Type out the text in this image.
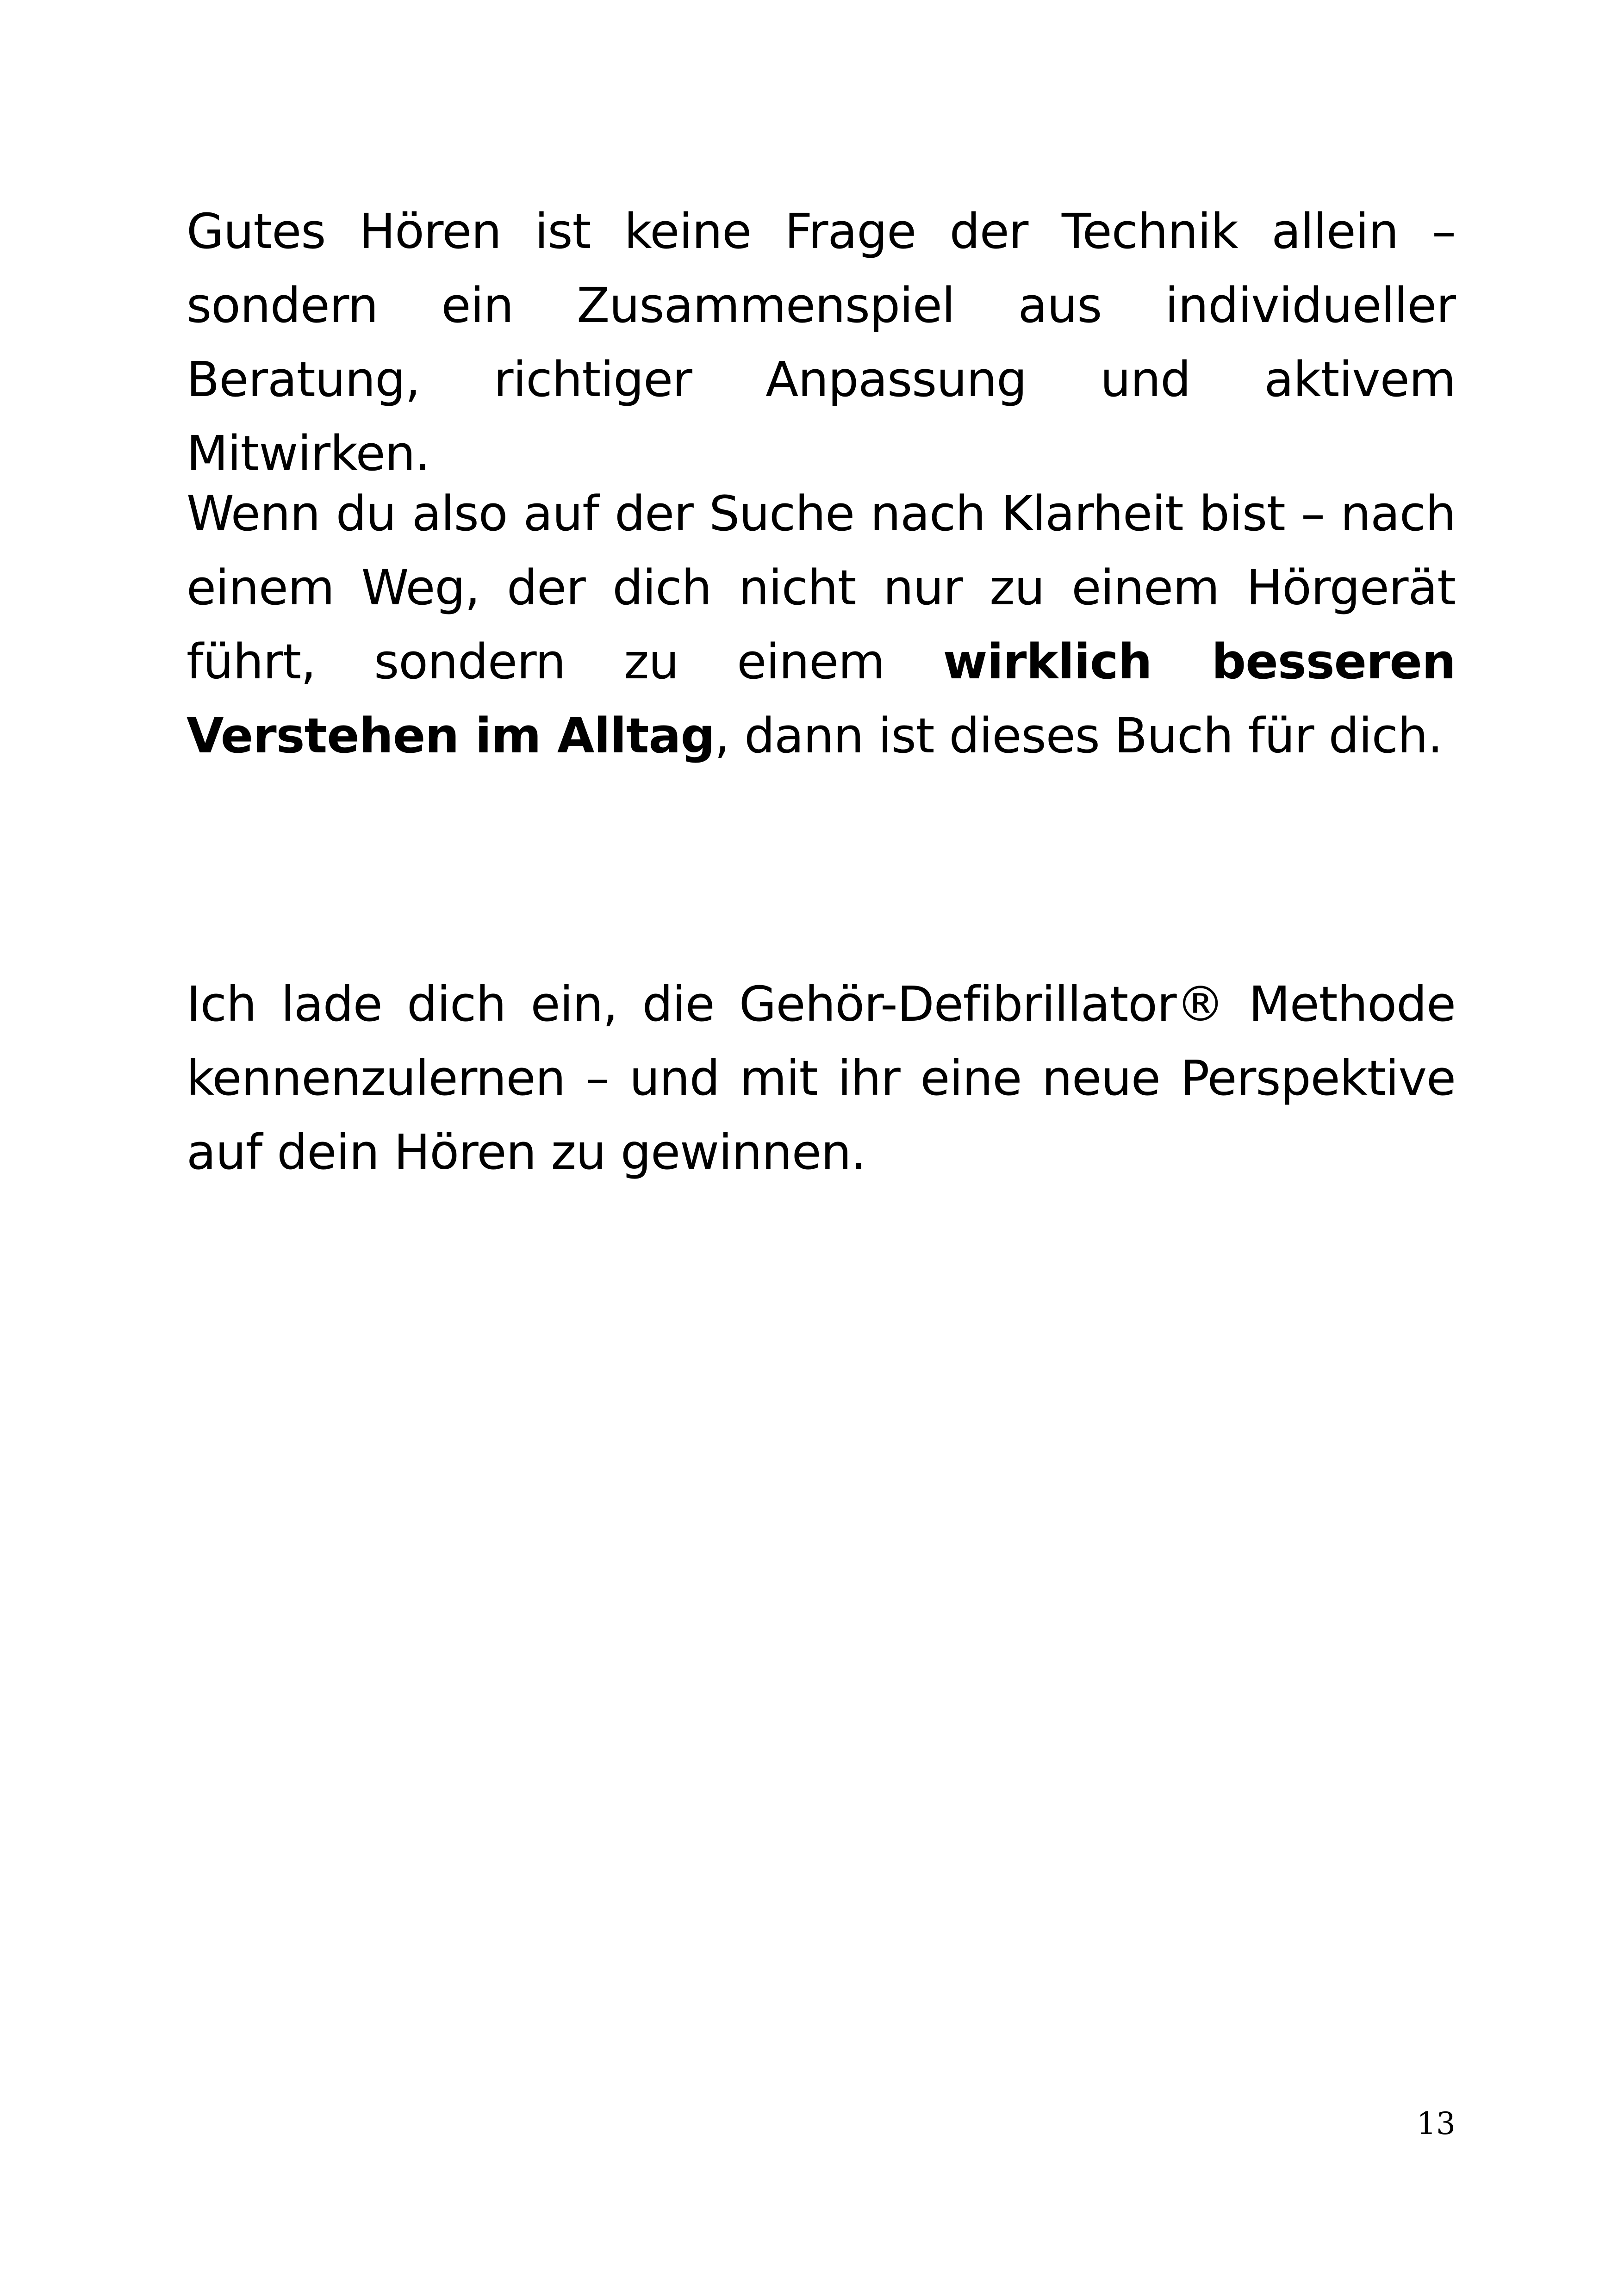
Gutes Hören ist keine Frage der Technik allein – sondern ein Zusammenspiel aus individueller Beratung, richtiger Anpassung und aktivem Mitwirken.

Wenn du also auf der Suche nach Klarheit bist – nach einem Weg, der dich nicht nur zu einem Hörgerät führt, sondern zu einem wirklich besseren Verstehen im Alltag, dann ist dieses Buch für dich.

Ich lade dich ein, die Gehör-Defibrillator® Methode kennenzulernen – und mit ihr eine neue Perspektive auf dein Hören zu gewinnen.

13
